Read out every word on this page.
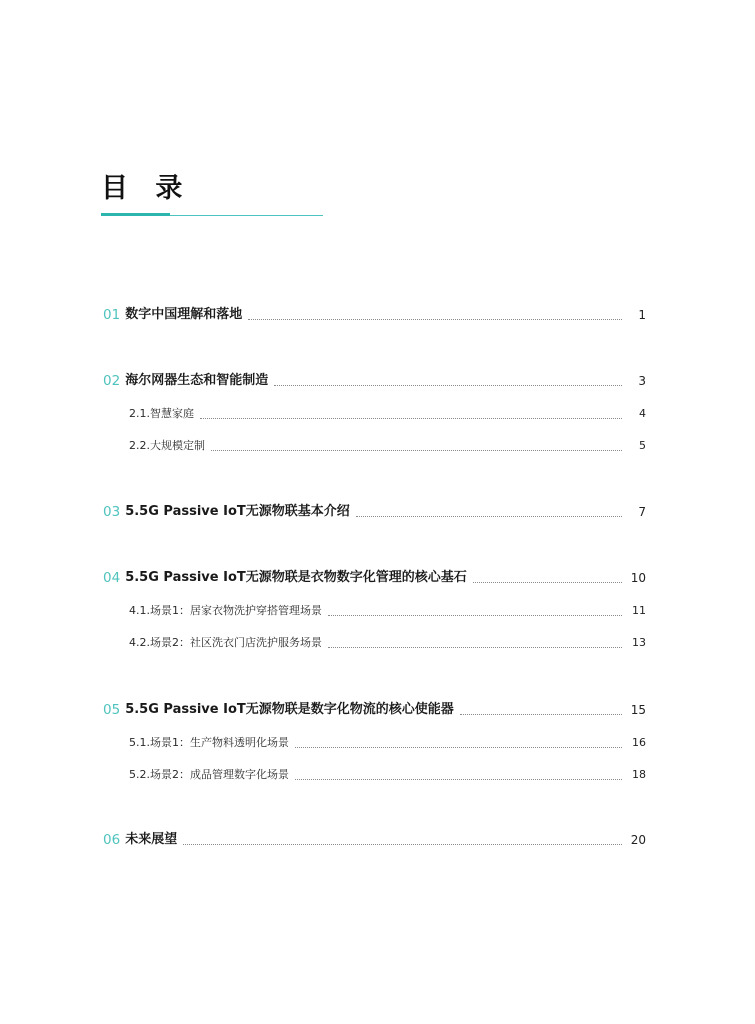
目 录
01 数字中国理解和落地	1
02 海尔网器生态和智能制造	3
2.1.智慧家庭	4
2.2.大规模定制	5
03 5.5G Passive IoT无源物联基本介绍	7
04 5.5G Passive IoT无源物联是衣物数字化管理的核心基石	10
4.1.场景1：居家衣物洗护穿搭管理场景	11
4.2.场景2：社区洗衣门店洗护服务场景	13
05 5.5G Passive IoT无源物联是数字化物流的核心使能器	15
5.1.场景1：生产物料透明化场景	16
5.2.场景2：成品管理数字化场景	18
06 未来展望	20
